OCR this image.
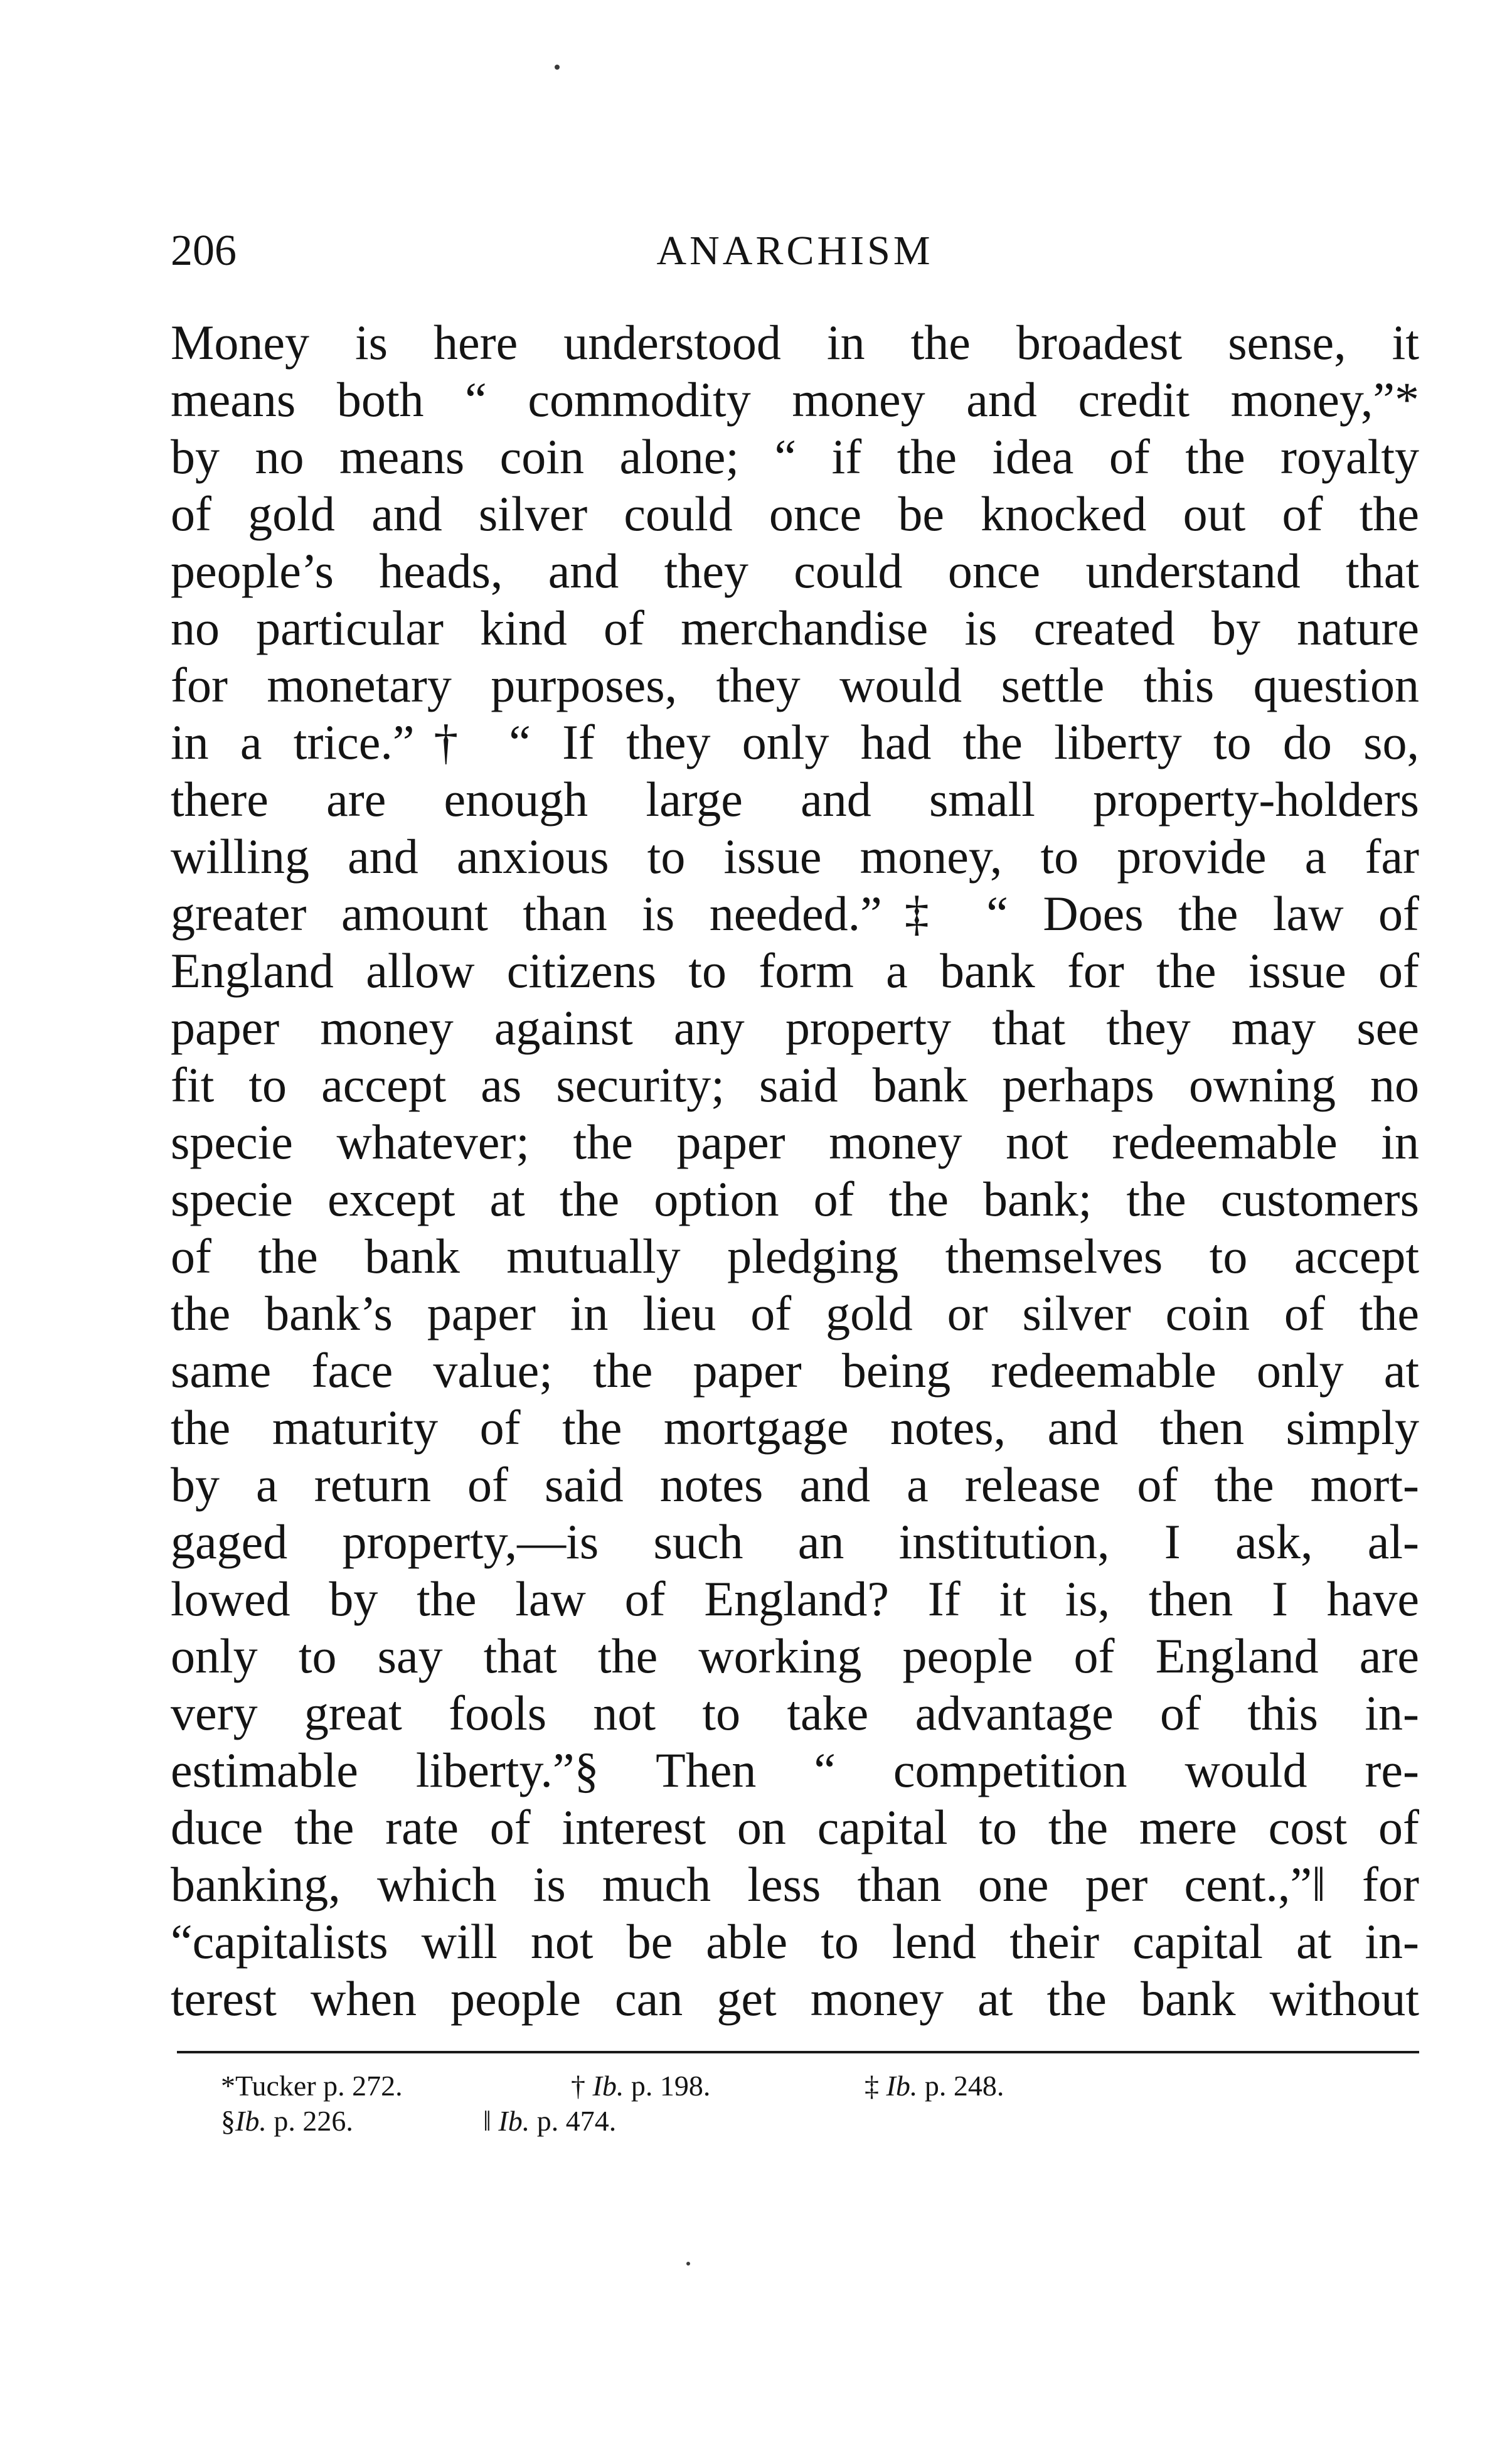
206	ANARCHISM
Money is here understood in the broadest sense, it
means both “ commodity money and credit money,”*
by no means coin alone; “ if the idea of the royalty
of gold and silver could once be knocked out of the
people’s heads, and they could once understand that
no particular kind of merchandise is created by nature
for monetary purposes, they would settle this question
in a trice.”† “ If they only had the liberty to do so,
there are enough large and small property-holders
willing and anxious to issue money, to provide a far
greater amount than is needed.”‡ “ Does the law of
England allow citizens to form a bank for the issue of
paper money against any property that they may see
fit to accept as security; said bank perhaps owning no
specie whatever; the paper money not redeemable in
specie except at the option of the bank; the customers
of the bank mutually pledging themselves to accept
the bank’s paper in lieu of gold or silver coin of the
same face value; the paper being redeemable only at
the maturity of the mortgage notes, and then simply
by a return of said notes and a release of the mort-
gaged property,—is such an institution, I ask, al-
lowed by the law of England? If it is, then I have
only to say that the working people of England are
very great fools not to take advantage of this in-
estimable liberty.”§ Then “ competition would re-
duce the rate of interest on capital to the mere cost of
banking, which is much less than one per cent.,”‖ for
“capitalists will not be able to lend their capital at in-
terest when people can get money at the bank without
*Tucker p. 272.	† Ib. p. 198.	‡ Ib. p. 248.
§Ib. p. 226.	‖ Ib. p. 474.
